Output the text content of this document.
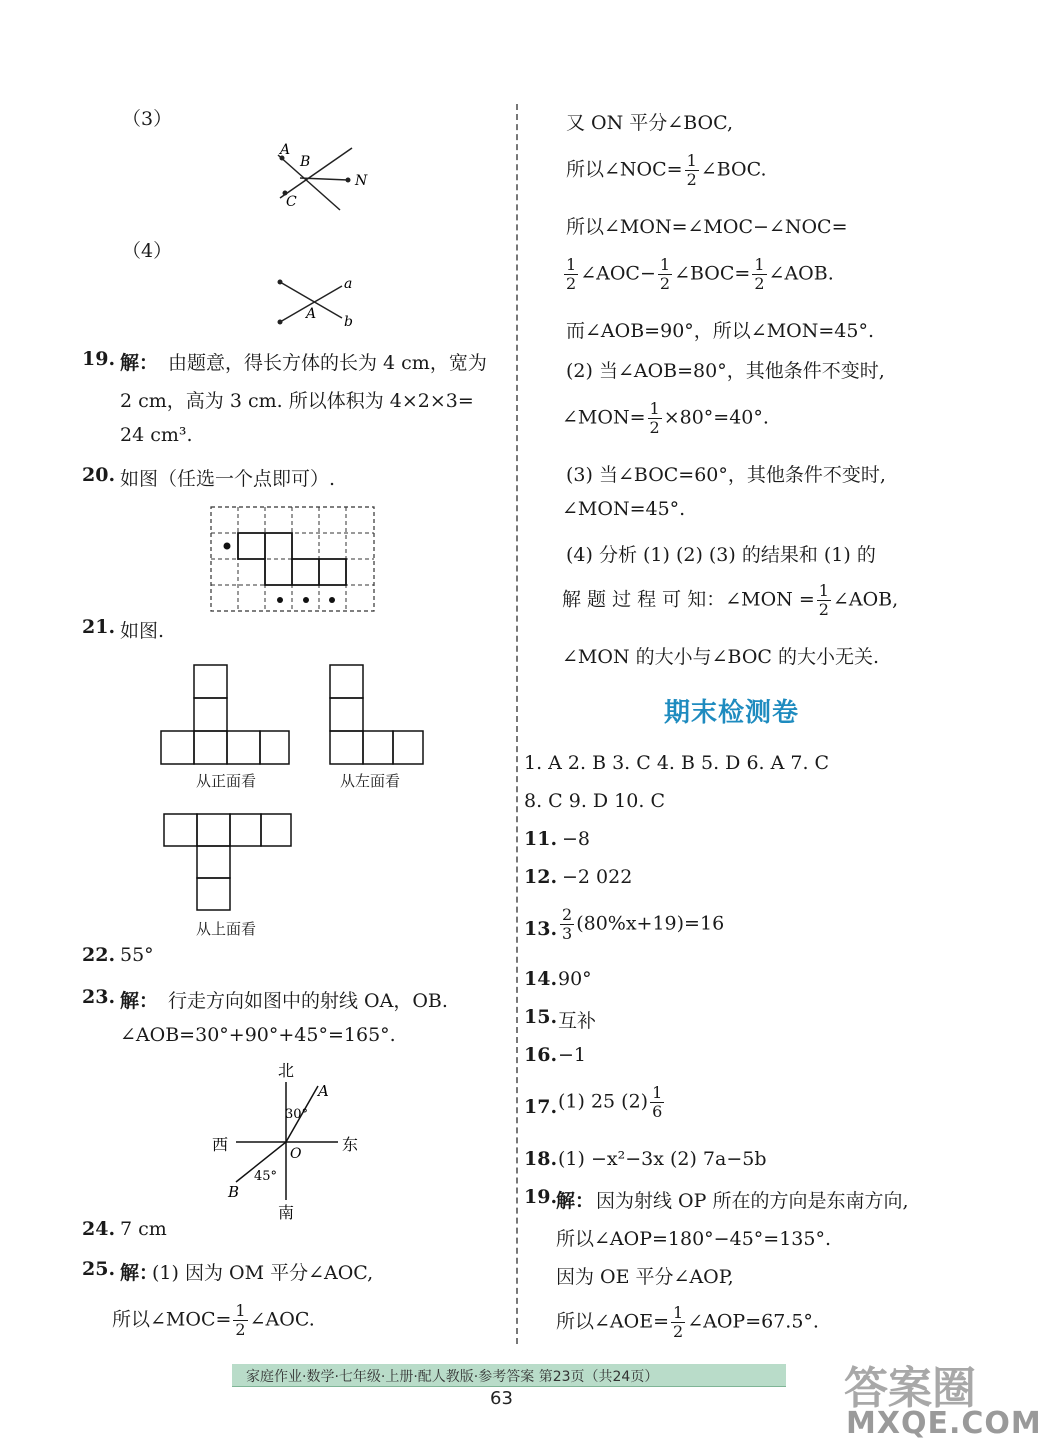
（3）
A
B
C
N
（4）
a
A b
19. 解： 由题意，得长方体的长为 4 cm，宽为
2 cm，高为 3 cm. 所以体积为 4×2×3=
24 cm³.
20. 如图（任选一个点即可）.
21. 如图.
从正面看	从左面看
从上面看
22. 55°
23. 解： 行走方向如图中的射线 OA，OB.
∠AOB=30°+90°+45°=165°.
北
南
东
西
A
B
O
30°
45°
24. 7 cm
25. 解：
(1) 因为 OM 平分∠AOC,
所以∠MOC= $\frac{1}{2}$ ∠AOC.
又 ON 平分∠BOC,
所以∠NOC= $\frac{1}{2}$ ∠BOC.
所以∠MON=∠MOC−∠NOC=
$\frac{1}{2}$ ∠AOC− $\frac{1}{2}$ ∠BOC= $\frac{1}{2}$ ∠AOB.
而∠AOB=90°，所以∠MON=45°.
(2) 当∠AOB=80°，其他条件不变时,
∠MON= $\frac{1}{2} \times 80^\circ=40^\circ$.
(3) 当∠BOC=60°，其他条件不变时,
∠MON=45°.
(4) 分析 (1) (2) (3) 的结果和 (1) 的
解 题 过 程 可 知：∠MON = $\frac{1}{2}$ ∠AOB,
∠MON 的大小与∠BOC 的大小无关.
期末检测卷
1. A 2. B 3. C 4. B 5. D 6. A 7. C
8. C 9. D 10. C
11. −8
12. −2 022
13. $\frac{2}{3} (80\%x+19)=16$
14. 90°
15. 互补
16. −1
17. (1) 25 $(2) \frac{1}{6}$
18. (1) −x²−3x (2) 7a−5b
19.
解： 因为射线 OP 所在的方向是东南方向,
所以∠AOP=180°−45°=135°.
因为 OE 平分∠AOP,
所以∠AOE= $\frac{1}{2}$ ∠AOP=67.5°.
家庭作业·数学·七年级·上册·配人教版·参考答案 第23页（共24页）
63	答案圈
MXQE.COM
